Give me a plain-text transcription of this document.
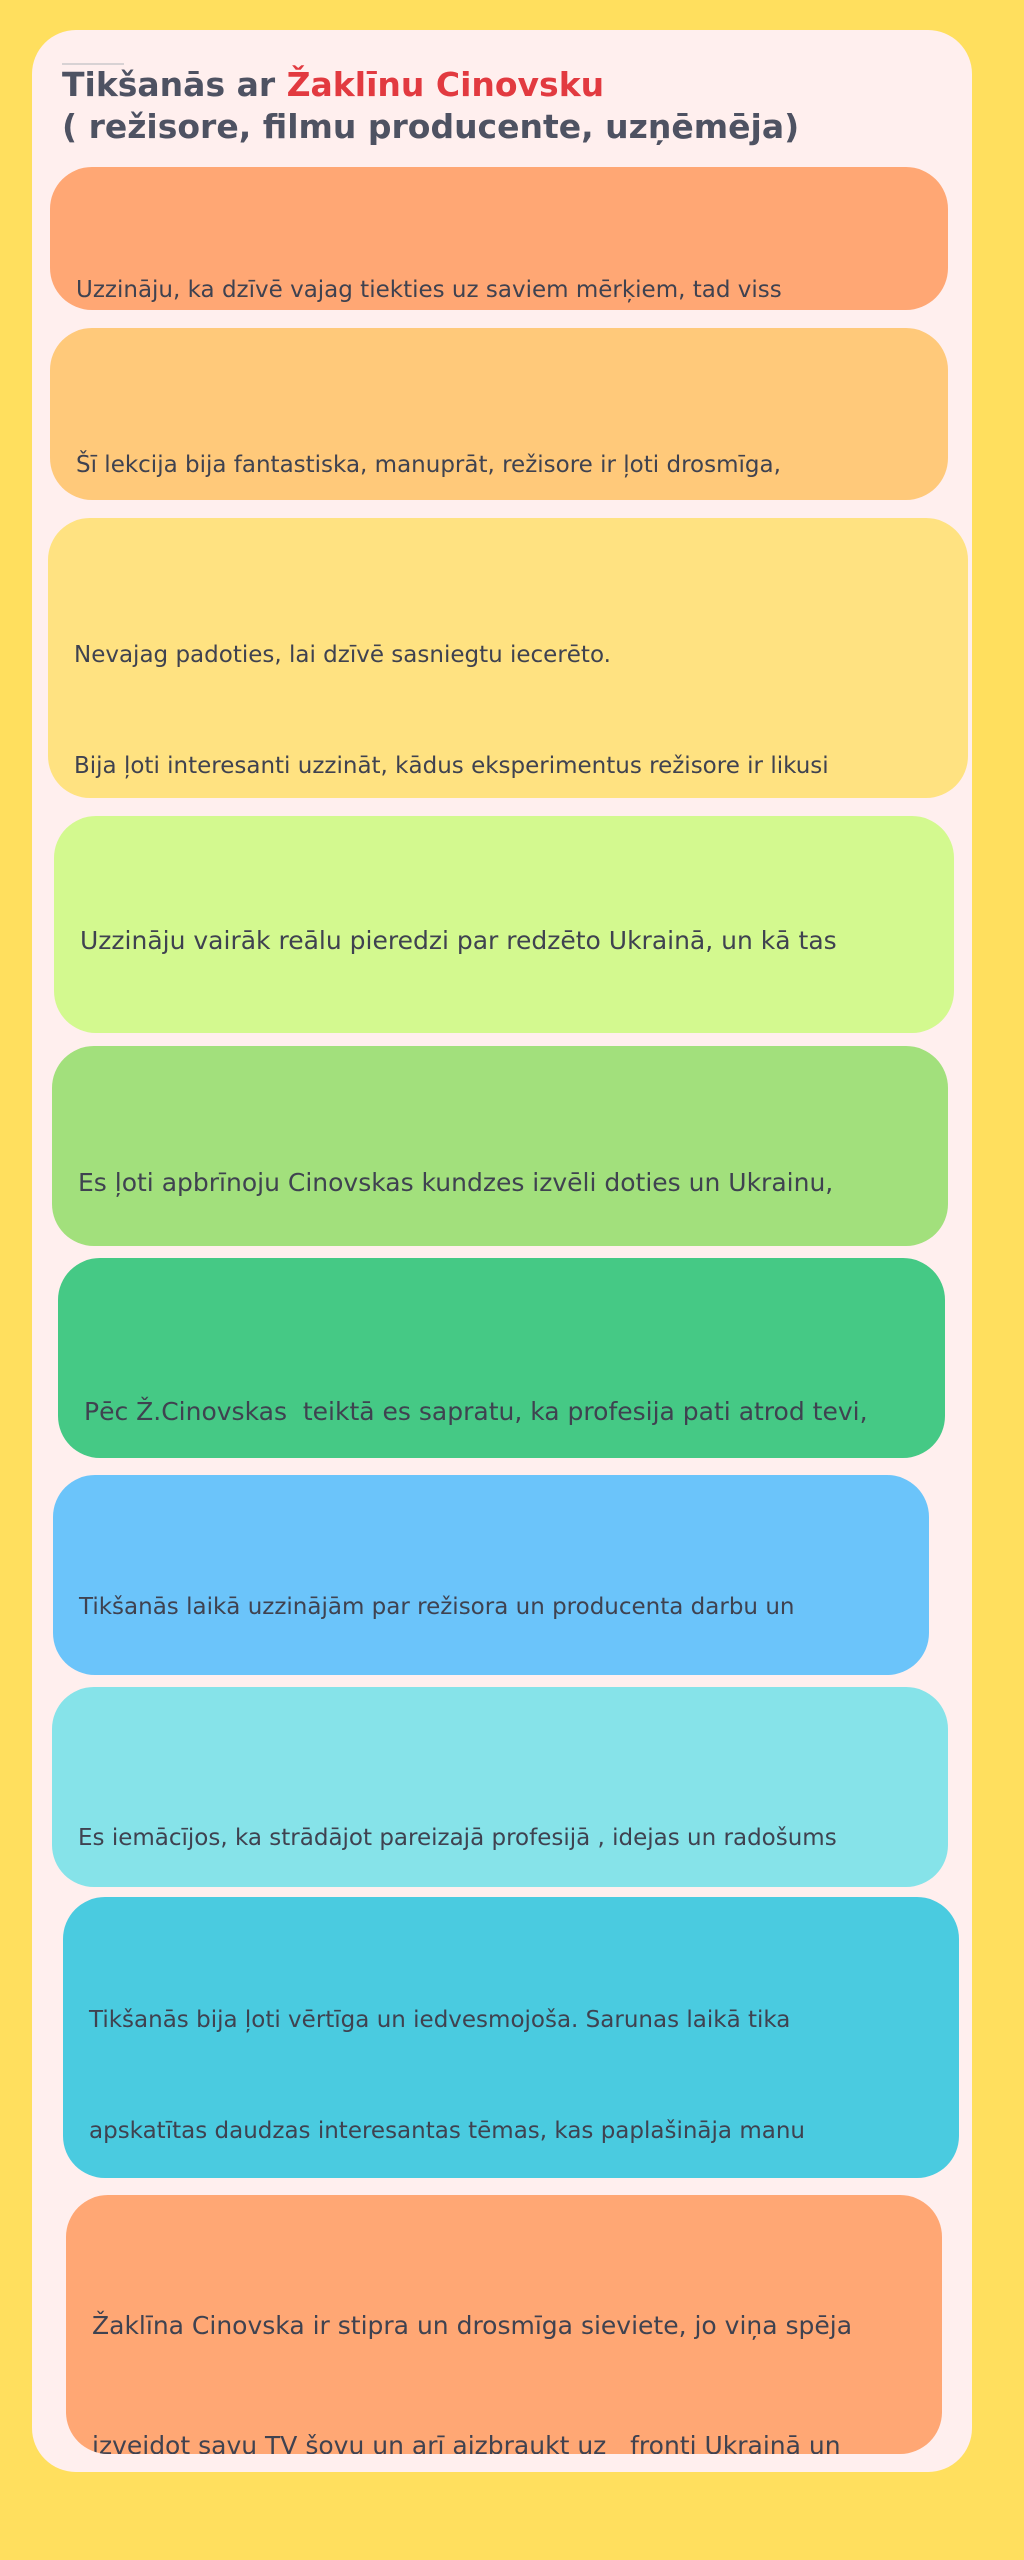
Tikšanās ar Žaklīnu Cinovsku
( režisore, filmu producente, uzņēmēja)

Uzzināju, ka dzīvē vajag tiekties uz saviem mērķiem, tad viss

Šī lekcija bija fantastiska, manuprāt, režisore ir ļoti drosmīga,

Nevajag padoties, lai dzīvē sasniegtu iecerēto.

Bija ļoti interesanti uzzināt, kādus eksperimentus režisore ir likusi

Uzzināju vairāk reālu pieredzi par redzēto Ukrainā, un kā tas

Es ļoti apbrīnoju Cinovskas kundzes izvēli doties un Ukrainu,

Pēc Ž.Cinovskas  teiktā es sapratu, ka profesija pati atrod tevi,

Tikšanās laikā uzzinājām par režisora un producenta darbu un

Es iemācījos, ka strādājot pareizajā profesijā , idejas un radošums

Tikšanās bija ļoti vērtīga un iedvesmojoša. Sarunas laikā tika

apskatītas daudzas interesantas tēmas, kas paplašināja manu

Žaklīna Cinovska ir stipra un drosmīga sieviete, jo viņa spēja

izveidot savu TV šovu un arī aizbraukt uz   fronti Ukrainā un
